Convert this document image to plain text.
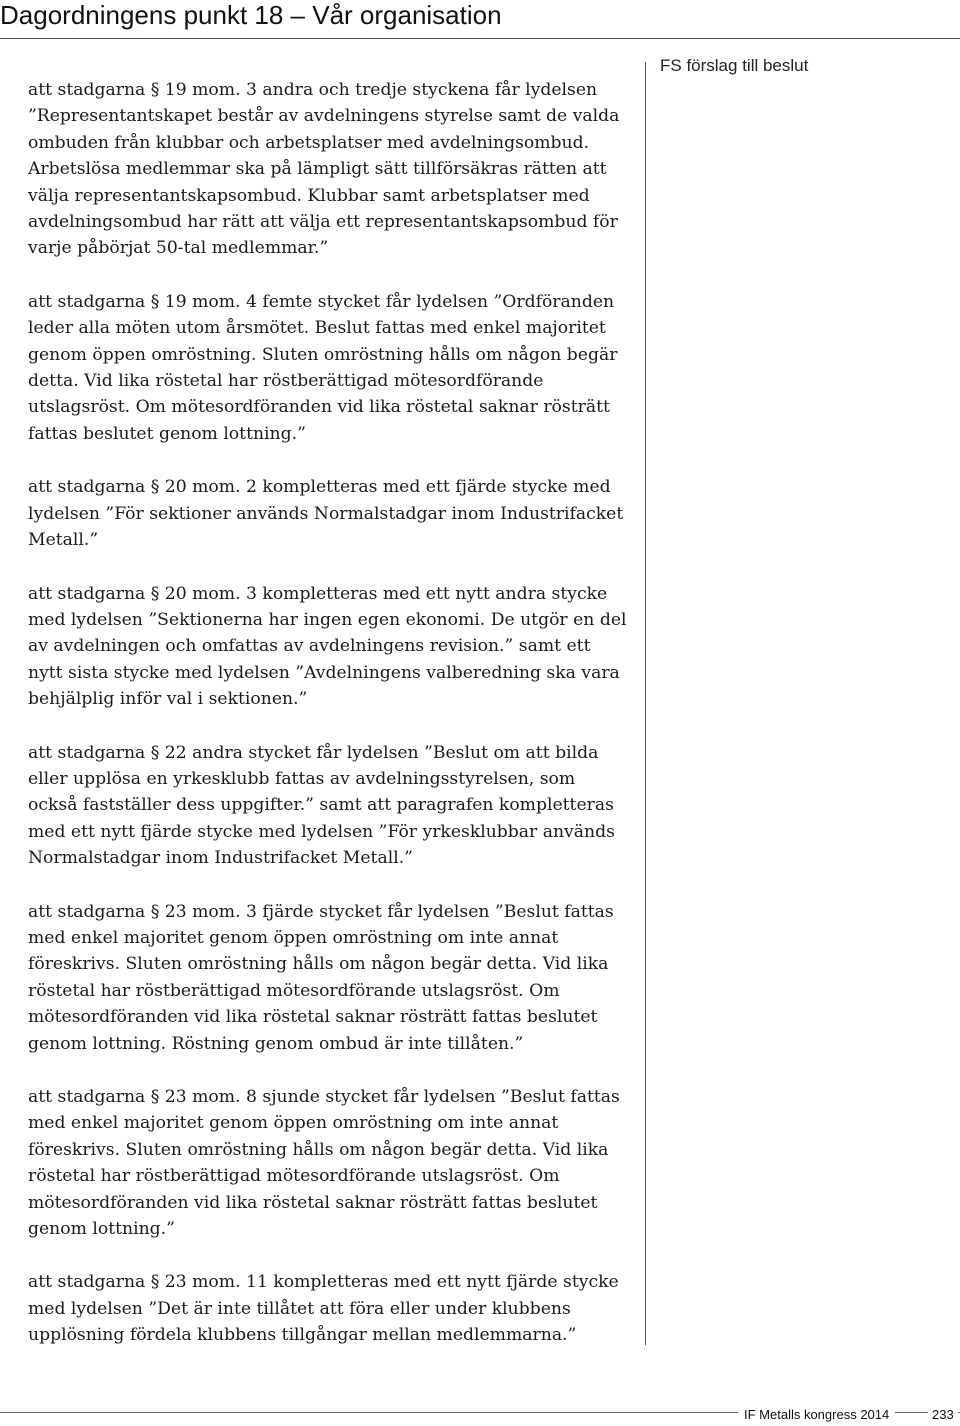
Dagordningens punkt 18 – Vår organisation

FS förslag till beslut

att stadgarna § 19 mom. 3 andra och tredje styckena får lydelsen ”Representantskapet består av avdelningens styrelse samt de valda ombuden från klubbar och arbetsplatser med avdelningsombud. Arbetslösa medlemmar ska på lämpligt sätt tillförsäkras rätten att välja representantskapsombud. Klubbar samt arbetsplatser med avdelningsombud har rätt att välja ett representantskapsombud för varje påbörjat 50-tal medlemmar.”

att stadgarna § 19 mom. 4 femte stycket får lydelsen ”Ordföranden leder alla möten utom årsmötet. Beslut fattas med enkel majoritet genom öppen omröstning. Sluten omröstning hålls om någon begär detta. Vid lika röstetal har röstberättigad mötesordförande utslagsröst. Om mötesordföranden vid lika röstetal saknar rösträtt fattas beslutet genom lottning.”

att stadgarna § 20 mom. 2 kompletteras med ett fjärde stycke med lydelsen ”För sektioner används Normalstadgar inom Industrifacket Metall.”

att stadgarna § 20 mom. 3 kompletteras med ett nytt andra stycke med lydelsen ”Sektionerna har ingen egen ekonomi. De utgör en del av avdelningen och omfattas av avdelningens revision.” samt ett nytt sista stycke med lydelsen ”Avdelningens valberedning ska vara behjälplig inför val i sektionen.”

att stadgarna § 22 andra stycket får lydelsen ”Beslut om att bilda eller upplösa en yrkesklubb fattas av avdelningsstyrelsen, som också fastställer dess uppgifter.” samt att paragrafen kompletteras med ett nytt fjärde stycke med lydelsen ”För yrkesklubbar används Normalstadgar inom Industrifacket Metall.”

att stadgarna § 23 mom. 3 fjärde stycket får lydelsen ”Beslut fattas med enkel majoritet genom öppen omröstning om inte annat föreskrivs. Sluten omröstning hålls om någon begär detta. Vid lika röstetal har röstberättigad mötesordförande utslagsröst. Om mötesordföranden vid lika röstetal saknar rösträtt fattas beslutet genom lottning. Röstning genom ombud är inte tillåten.”

att stadgarna § 23 mom. 8 sjunde stycket får lydelsen ”Beslut fattas med enkel majoritet genom öppen omröstning om inte annat föreskrivs. Sluten omröstning hålls om någon begär detta. Vid lika röstetal har röstberättigad mötesordförande utslagsröst. Om mötesordföranden vid lika röstetal saknar rösträtt fattas beslutet genom lottning.”

att stadgarna § 23 mom. 11 kompletteras med ett nytt fjärde stycke med lydelsen ”Det är inte tillåtet att föra eller under klubbens upplösning fördela klubbens tillgångar mellan medlemmarna.”

IF Metalls kongress 2014	233
